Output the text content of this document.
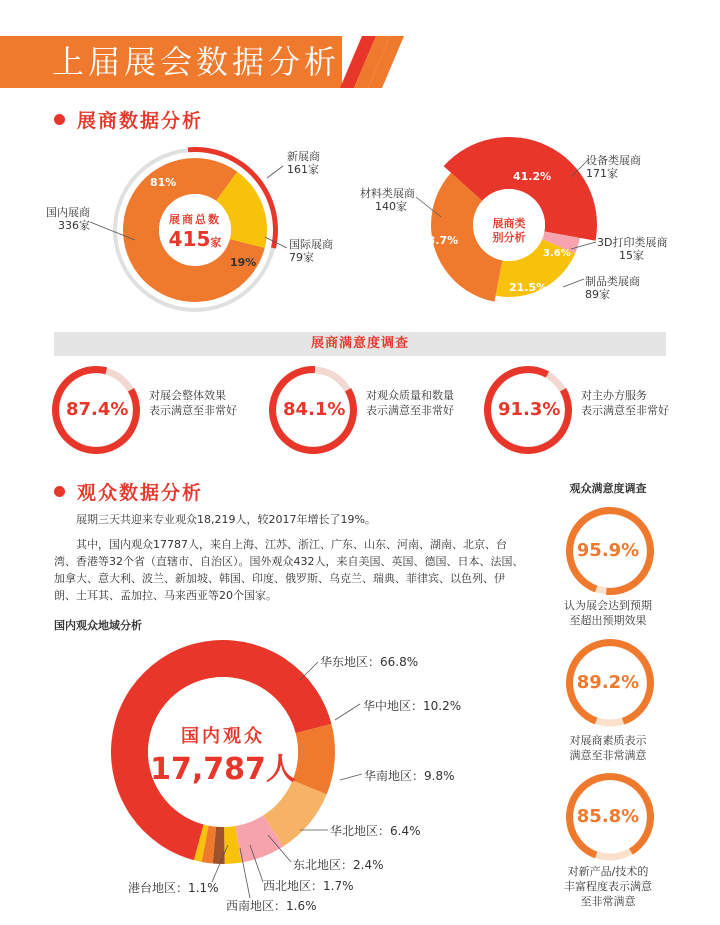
上届展会数据分析
展商数据分析
展商总数
415家
81%
19%
国内展商
336家
新展商
161家
国际展商
79家
展商类
别分析
41.2%
3.6%
21.5%
33.7%
设备类展商
171家
3D打印类展商
15家
制品类展商
89家
材料类展商
140家
展商满意度调查
87.4%
对展会整体效果
表示满意至非常好	84.1%
对观众质量和数量
表示满意至非常好 91.3%
对主办方服务
表示满意至非常好
观众数据分析
展期三天共迎来专业观众18,219人，较2017年增长了19%。
其中，国内观众17787人，来自上海、江苏、浙江、广东、山东、河南、湖南、北京、台湾、香港等32个省（直辖市、自治区）。国外观众432人，来自美国、英国、德国、日本、法国、加拿大、意大利、波兰、新加坡、韩国、印度、俄罗斯、乌克兰、瑞典、菲律宾、以色列、伊朗、土耳其、孟加拉、马来西亚等20个国家。
国内观众地域分析
国内观众
17,787人
华东地区：66.8%
华中地区：10.2%
华南地区：9.8%
华北地区：6.4%
东北地区：2.4%
西北地区：1.7%
西南地区：1.6%
港台地区：1.1%
观众满意度调查
95.9%
认为展会达到预期
至超出预期效果
89.2%
对展商素质表示
满意至非常满意
85.8%
对新产品/技术的
丰富程度表示满意
至非常满意
